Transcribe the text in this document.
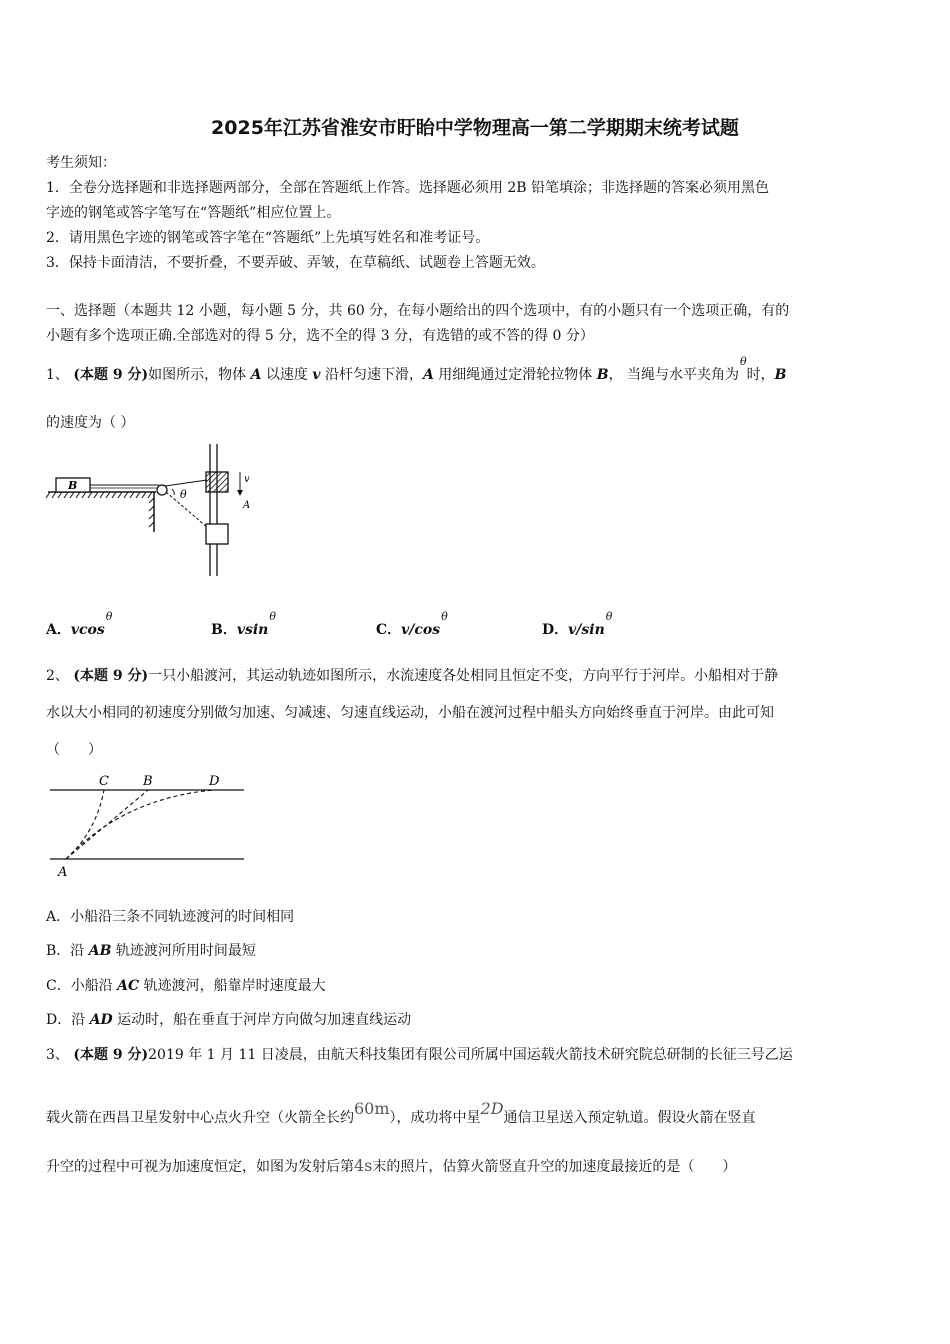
2025年江苏省淮安市盱眙中学物理高一第二学期期末统考试题
考生须知：
1．全卷分选择题和非选择题两部分，全部在答题纸上作答。选择题必须用 2B 铅笔填涂；非选择题的答案必须用黑色
字迹的钢笔或答字笔写在“答题纸”相应位置上。
2．请用黑色字迹的钢笔或答字笔在“答题纸”上先填写姓名和准考证号。
3．保持卡面清洁，不要折叠，不要弄破、弄皱，在草稿纸、试题卷上答题无效。
一、选择题（本题共 12 小题，每小题 5 分，共 60 分，在每小题给出的四个选项中，有的小题只有一个选项正确，有的
小题有多个选项正确.全部选对的得 5 分，选不全的得 3 分，有选错的或不答的得 0 分）
1、 (本题 9 分)如图所示，物体 A 以速度 v 沿杆匀速下滑，A 用细绳通过定滑轮拉物体 B， 当绳与水平夹角为$^\theta$时，B
的速度为（ ）
B
θ
v
A
A．vcos$^\theta$
B．vsin$^\theta$
C．$v/\cos^\theta$
D．$v/\sin^\theta$
2、 (本题 9 分)一只小船渡河，其运动轨迹如图所示，水流速度各处相同且恒定不变，方向平行于河岸。小船相对于静
水以大小相同的初速度分别做匀加速、匀减速、匀速直线运动，小船在渡河过程中船头方向始终垂直于河岸。由此可知
（　　）
C	B	D
A
A．小船沿三条不同轨迹渡河的时间相同
B．沿 AB 轨迹渡河所用时间最短
C．小船沿 AC 轨迹渡河，船靠岸时速度最大
D．沿 AD 运动时，船在垂直于河岸方向做匀加速直线运动
3、 (本题 9 分)2019 年 1 月 11 日凌晨，由航天科技集团有限公司所属中国运载火箭技术研究院总研制的长征三号乙运
载火箭在西昌卫星发射中心点火升空（火箭全长约60m），成功将中星2D通信卫星送入预定轨道。假设火箭在竖直
升空的过程中可视为加速度恒定，如图为发射后第4s末的照片，估算火箭竖直升空的加速度最接近的是（　　）
